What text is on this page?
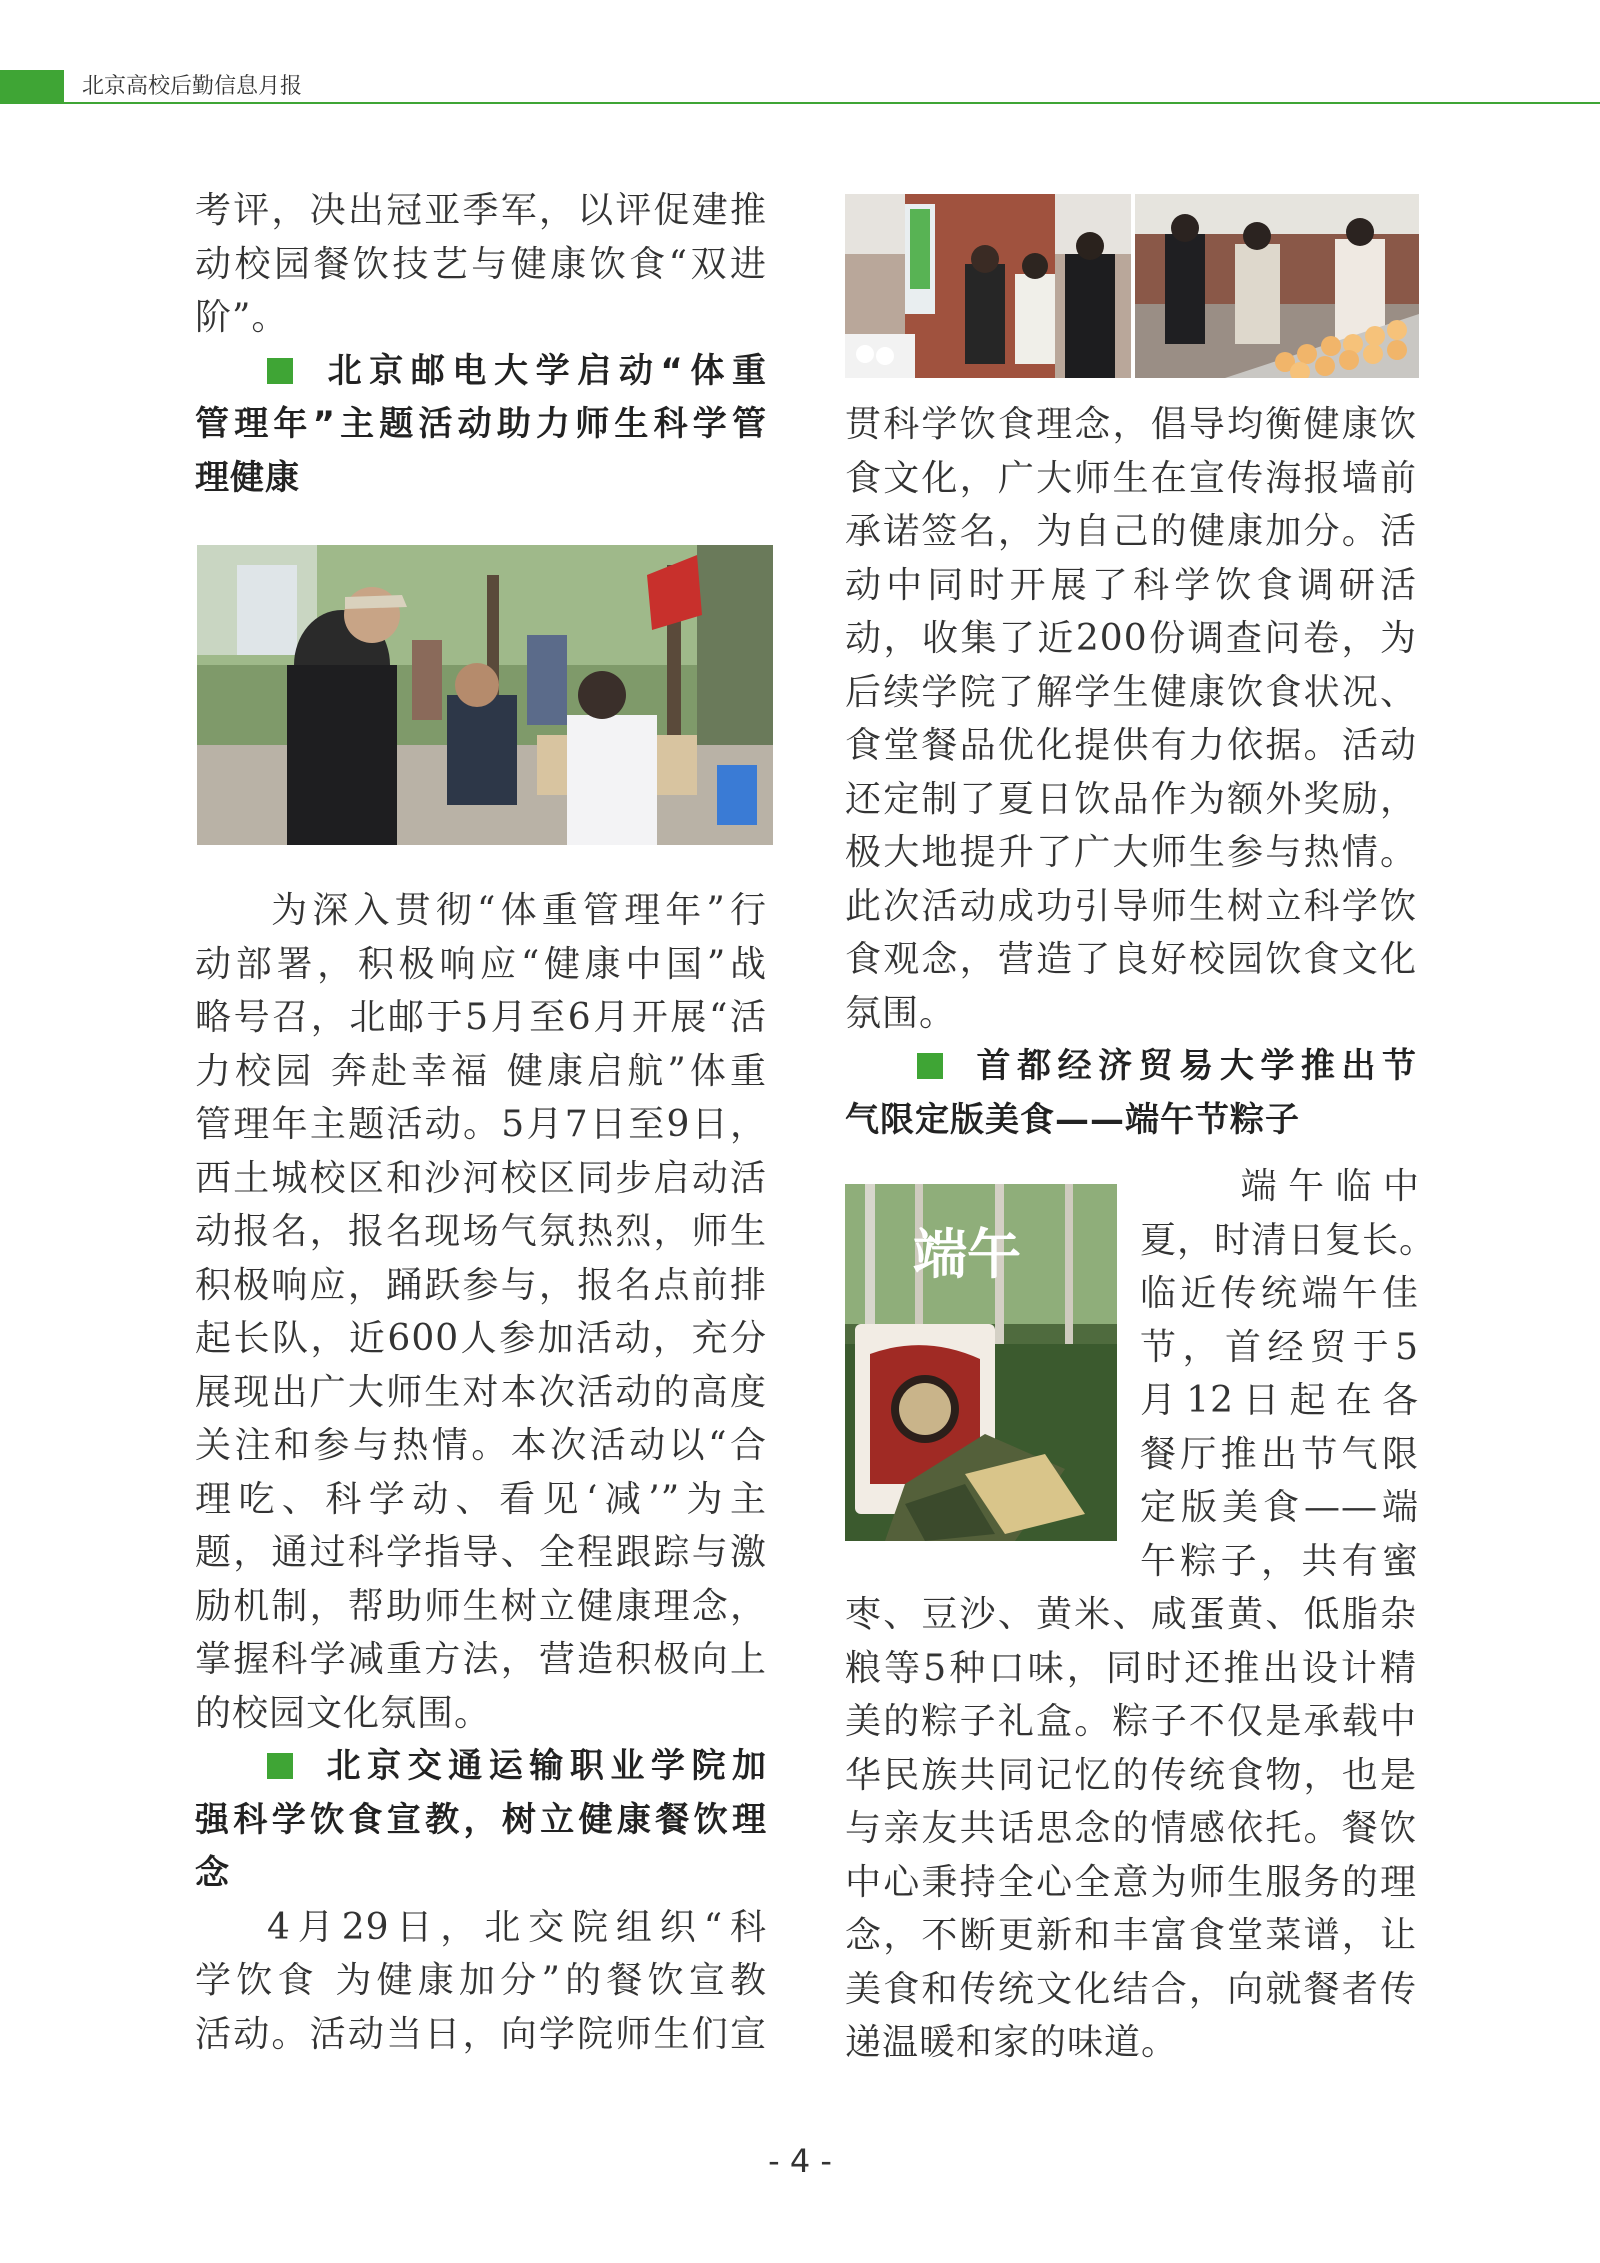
北京高校后勤信息月报

考评，决出冠亚季军，以评促建推

动校园餐饮技艺与健康饮食“双进

阶”。

北京邮电大学启动“体重

管理年”主题活动助力师生科学管

理健康

为深入贯彻“体重管理年”行

动部署，积极响应“健康中国”战

略号召，北邮于5月至6月开展“活

力校园 奔赴幸福 健康启航”体重

管理年主题活动。5月7日至9日，

西土城校区和沙河校区同步启动活

动报名，报名现场气氛热烈，师生

积极响应，踊跃参与，报名点前排

起长队，近600人参加活动，充分

展现出广大师生对本次活动的高度

关注和参与热情。本次活动以“合

理吃、科学动、看见‘减’”为主

题，通过科学指导、全程跟踪与激

励机制，帮助师生树立健康理念，

掌握科学减重方法，营造积极向上

的校园文化氛围。

北京交通运输职业学院加

强科学饮食宣教，树立健康餐饮理

念

4月29日，北交院组织“科

学饮食 为健康加分”的餐饮宣教

活动。活动当日，向学院师生们宣

贯科学饮食理念，倡导均衡健康饮

食文化，广大师生在宣传海报墙前

承诺签名，为自己的健康加分。活

动中同时开展了科学饮食调研活

动，收集了近200份调查问卷，为

后续学院了解学生健康饮食状况、

食堂餐品优化提供有力依据。活动

还定制了夏日饮品作为额外奖励，

极大地提升了广大师生参与热情。

此次活动成功引导师生树立科学饮

食观念，营造了良好校园饮食文化

氛围。

首都经济贸易大学推出节

气限定版美食——端午节粽子

端午

端 午 临 中

夏，时清日复长。

临近传统端午佳

节，首经贸于5

月12日起在各

餐厅推出节气限

定版美食——端

午粽子，共有蜜

枣、豆沙、黄米、咸蛋黄、低脂杂

粮等5种口味，同时还推出设计精

美的粽子礼盒。粽子不仅是承载中

华民族共同记忆的传统食物，也是

与亲友共话思念的情感依托。餐饮

中心秉持全心全意为师生服务的理

念，不断更新和丰富食堂菜谱，让

美食和传统文化结合，向就餐者传

递温暖和家的味道。

- 4 -
